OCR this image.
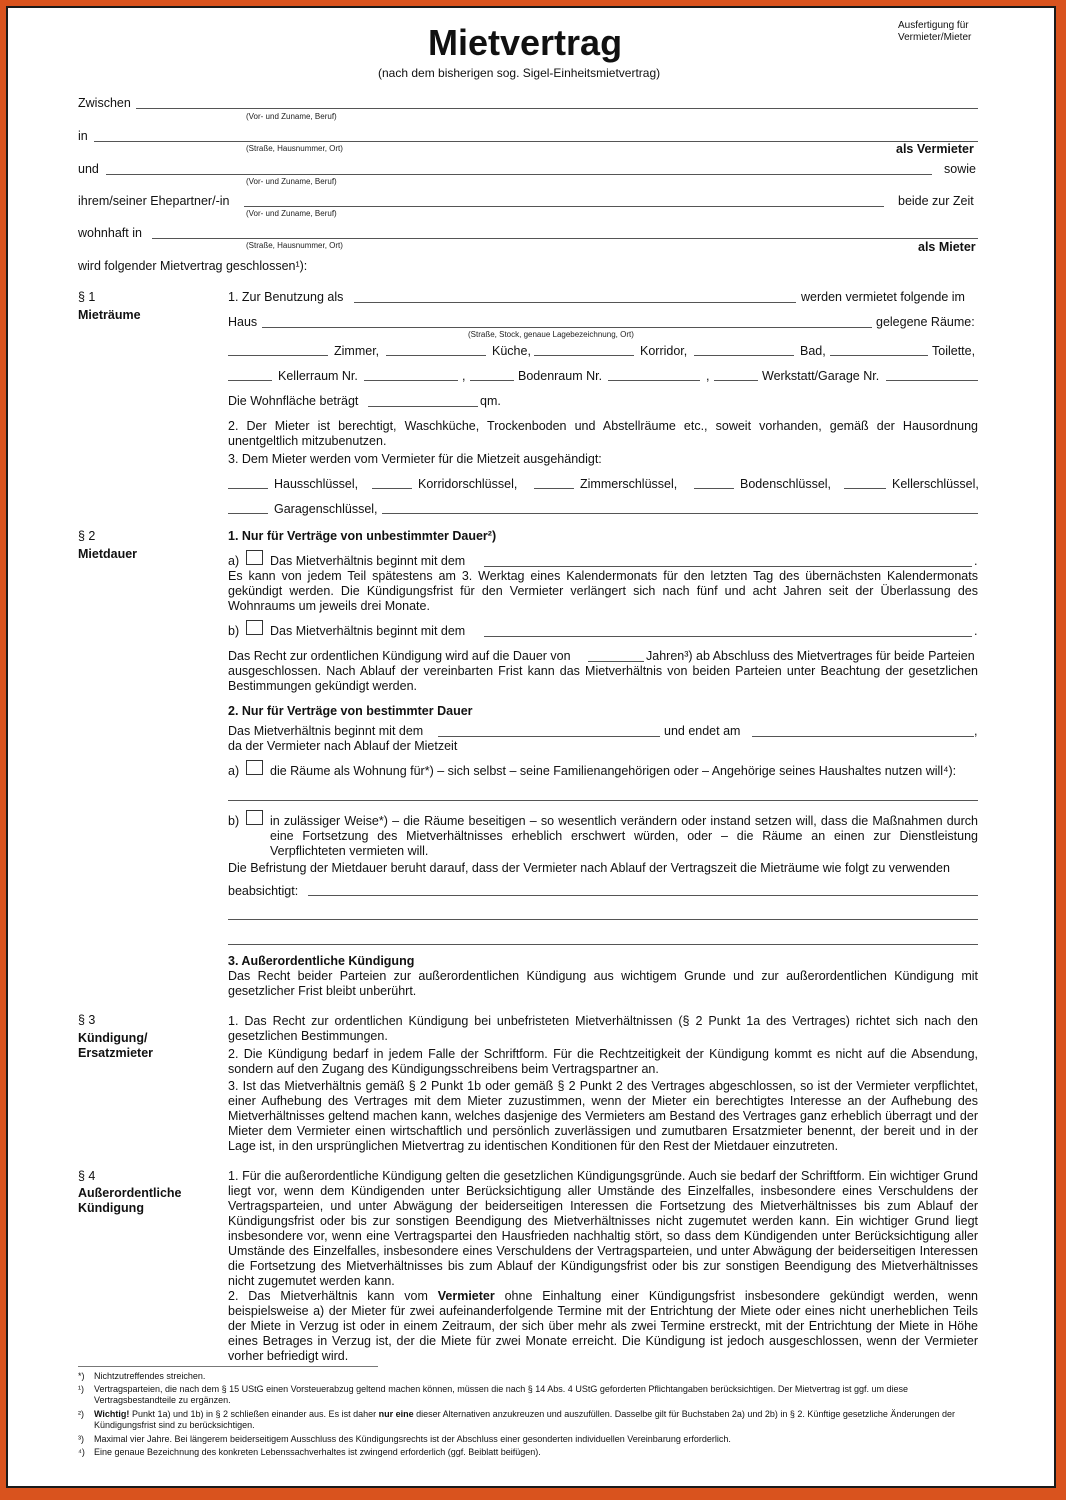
Mietvertrag
(nach dem bisherigen sog. Sigel-Einheitsmietvertrag)
Ausfertigung für
Vermieter/Mieter
Zwischen
(Vor- und Zuname, Beruf)
in
(Straße, Hausnummer, Ort)	als Vermieter
und
(Vor- und Zuname, Beruf)
sowie
ihrem/seiner Ehepartner/-in
(Vor- und Zuname, Beruf)
beide zur Zeit
wohnhaft in
(Straße, Hausnummer, Ort)	als Mieter
wird folgender Mietvertrag geschlossen¹):
§ 1
Mieträume
1. Zur Benutzung als	werden vermietet folgende im
Haus	gelegene Räume:
(Straße, Stock, genaue Lagebezeichnung, Ort)
Zimmer,	Küche,	Korridor,	Bad,	Toilette,
Kellerraum Nr.	,	Bodenraum Nr.	,	Werkstatt/Garage Nr.
Die Wohnfläche beträgt	qm.
2. Der Mieter ist berechtigt, Waschküche, Trockenboden und Abstellräume etc., soweit vorhanden, gemäß der Hausordnung unentgeltlich mitzubenutzen.
3. Dem Mieter werden vom Vermieter für die Mietzeit ausgehändigt:
Hausschlüssel,	Korridorschlüssel,	Zimmerschlüssel,	Bodenschlüssel,	Kellerschlüssel,
Garagenschlüssel,
§ 2
Mietdauer
1. Nur für Verträge von unbestimmter Dauer²)
a) Das Mietverhältnis beginnt mit dem	.
Es kann von jedem Teil spätestens am 3. Werktag eines Kalendermonats für den letzten Tag des übernächsten Kalendermonats gekündigt werden. Die Kündigungsfrist für den Vermieter verlängert sich nach fünf und acht Jahren seit der Überlassung des Wohnraums um jeweils drei Monate.
b) Das Mietverhältnis beginnt mit dem	.
Das Recht zur ordentlichen Kündigung wird auf die Dauer von	Jahren³) ab Abschluss des Mietvertrages für beide Parteien
ausgeschlossen. Nach Ablauf der vereinbarten Frist kann das Mietverhältnis von beiden Parteien unter Beachtung der gesetzlichen Bestimmungen gekündigt werden.
2. Nur für Verträge von bestimmter Dauer
Das Mietverhältnis beginnt mit dem	und endet am	,
da der Vermieter nach Ablauf der Mietzeit
a) die Räume als Wohnung für*) – sich selbst – seine Familienangehörigen oder – Angehörige seines Haushaltes nutzen will⁴):
b) in zulässiger Weise*) – die Räume beseitigen – so wesentlich verändern oder instand setzen will, dass die Maßnahmen durch eine Fortsetzung des Mietverhältnisses erheblich erschwert würden, oder – die Räume an einen zur Dienstleistung Verpflichteten vermieten will.
Die Befristung der Mietdauer beruht darauf, dass der Vermieter nach Ablauf der Vertragszeit die Mieträume wie folgt zu verwenden
beabsichtigt:
3. Außerordentliche Kündigung
Das Recht beider Parteien zur außerordentlichen Kündigung aus wichtigem Grunde und zur außerordentlichen Kündigung mit gesetzlicher Frist bleibt unberührt.
§ 3
Kündigung/
Ersatzmieter
1. Das Recht zur ordentlichen Kündigung bei unbefristeten Mietverhältnissen (§ 2 Punkt 1a des Vertrages) richtet sich nach den gesetzlichen Bestimmungen.
2. Die Kündigung bedarf in jedem Falle der Schriftform. Für die Rechtzeitigkeit der Kündigung kommt es nicht auf die Absendung, sondern auf den Zugang des Kündigungsschreibens beim Vertragspartner an.
3. Ist das Mietverhältnis gemäß § 2 Punkt 1b oder gemäß § 2 Punkt 2 des Vertrages abgeschlossen, so ist der Vermieter verpflichtet, einer Aufhebung des Vertrages mit dem Mieter zuzustimmen, wenn der Mieter ein berechtigtes Interesse an der Aufhebung des Mietverhältnisses geltend machen kann, welches dasjenige des Vermieters am Bestand des Vertrages ganz erheblich überragt und der Mieter dem Vermieter einen wirtschaftlich und persönlich zuverlässigen und zumutbaren Ersatzmieter benennt, der bereit und in der Lage ist, in den ursprünglichen Mietvertrag zu identischen Konditionen für den Rest der Mietdauer einzutreten.
§ 4
Außerordentliche
Kündigung
1. Für die außerordentliche Kündigung gelten die gesetzlichen Kündigungsgründe. Auch sie bedarf der Schriftform. Ein wichtiger Grund liegt vor, wenn dem Kündigenden unter Berücksichtigung aller Umstände des Einzelfalles, insbesondere eines Verschuldens der Vertragsparteien, und unter Abwägung der beiderseitigen Interessen die Fortsetzung des Mietverhältnisses bis zum Ablauf der Kündigungsfrist oder bis zur sonstigen Beendigung des Mietverhältnisses nicht zugemutet werden kann. Ein wichtiger Grund liegt insbesondere vor, wenn eine Vertragspartei den Hausfrieden nachhaltig stört, so dass dem Kündigenden unter Berücksichtigung aller Umstände des Einzelfalles, insbesondere eines Verschuldens der Vertragsparteien, und unter Abwägung der beiderseitigen Interessen die Fortsetzung des Mietverhältnisses bis zum Ablauf der Kündigungsfrist oder bis zur sonstigen Beendigung des Mietverhältnisses nicht zugemutet werden kann.
2. Das Mietverhältnis kann vom Vermieter ohne Einhaltung einer Kündigungsfrist insbesondere gekündigt werden, wenn beispielsweise a) der Mieter für zwei aufeinanderfolgende Termine mit der Entrichtung der Miete oder eines nicht unerheblichen Teils der Miete in Verzug ist oder in einem Zeitraum, der sich über mehr als zwei Termine erstreckt, mit der Entrichtung der Miete in Höhe eines Betrages in Verzug ist, der die Miete für zwei Monate erreicht. Die Kündigung ist jedoch ausgeschlossen, wenn der Vermieter vorher befriedigt wird.
*) Nichtzutreffendes streichen.
¹) Vertragsparteien, die nach dem § 15 UStG einen Vorsteuerabzug geltend machen können, müssen die nach § 14 Abs. 4 UStG geforderten Pflichtangaben berücksichtigen. Der Mietvertrag ist ggf. um diese Vertragsbestandteile zu ergänzen.
²) Wichtig! Punkt 1a) und 1b) in § 2 schließen einander aus. Es ist daher nur eine dieser Alternativen anzukreuzen und auszufüllen. Dasselbe gilt für Buchstaben 2a) und 2b) in § 2. Künftige gesetzliche Änderungen der Kündigungsfrist sind zu berücksichtigen.
³) Maximal vier Jahre. Bei längerem beiderseitigem Ausschluss des Kündigungsrechts ist der Abschluss einer gesonderten individuellen Vereinbarung erforderlich.
⁴) Eine genaue Bezeichnung des konkreten Lebenssachverhaltes ist zwingend erforderlich (ggf. Beiblatt beifügen).
